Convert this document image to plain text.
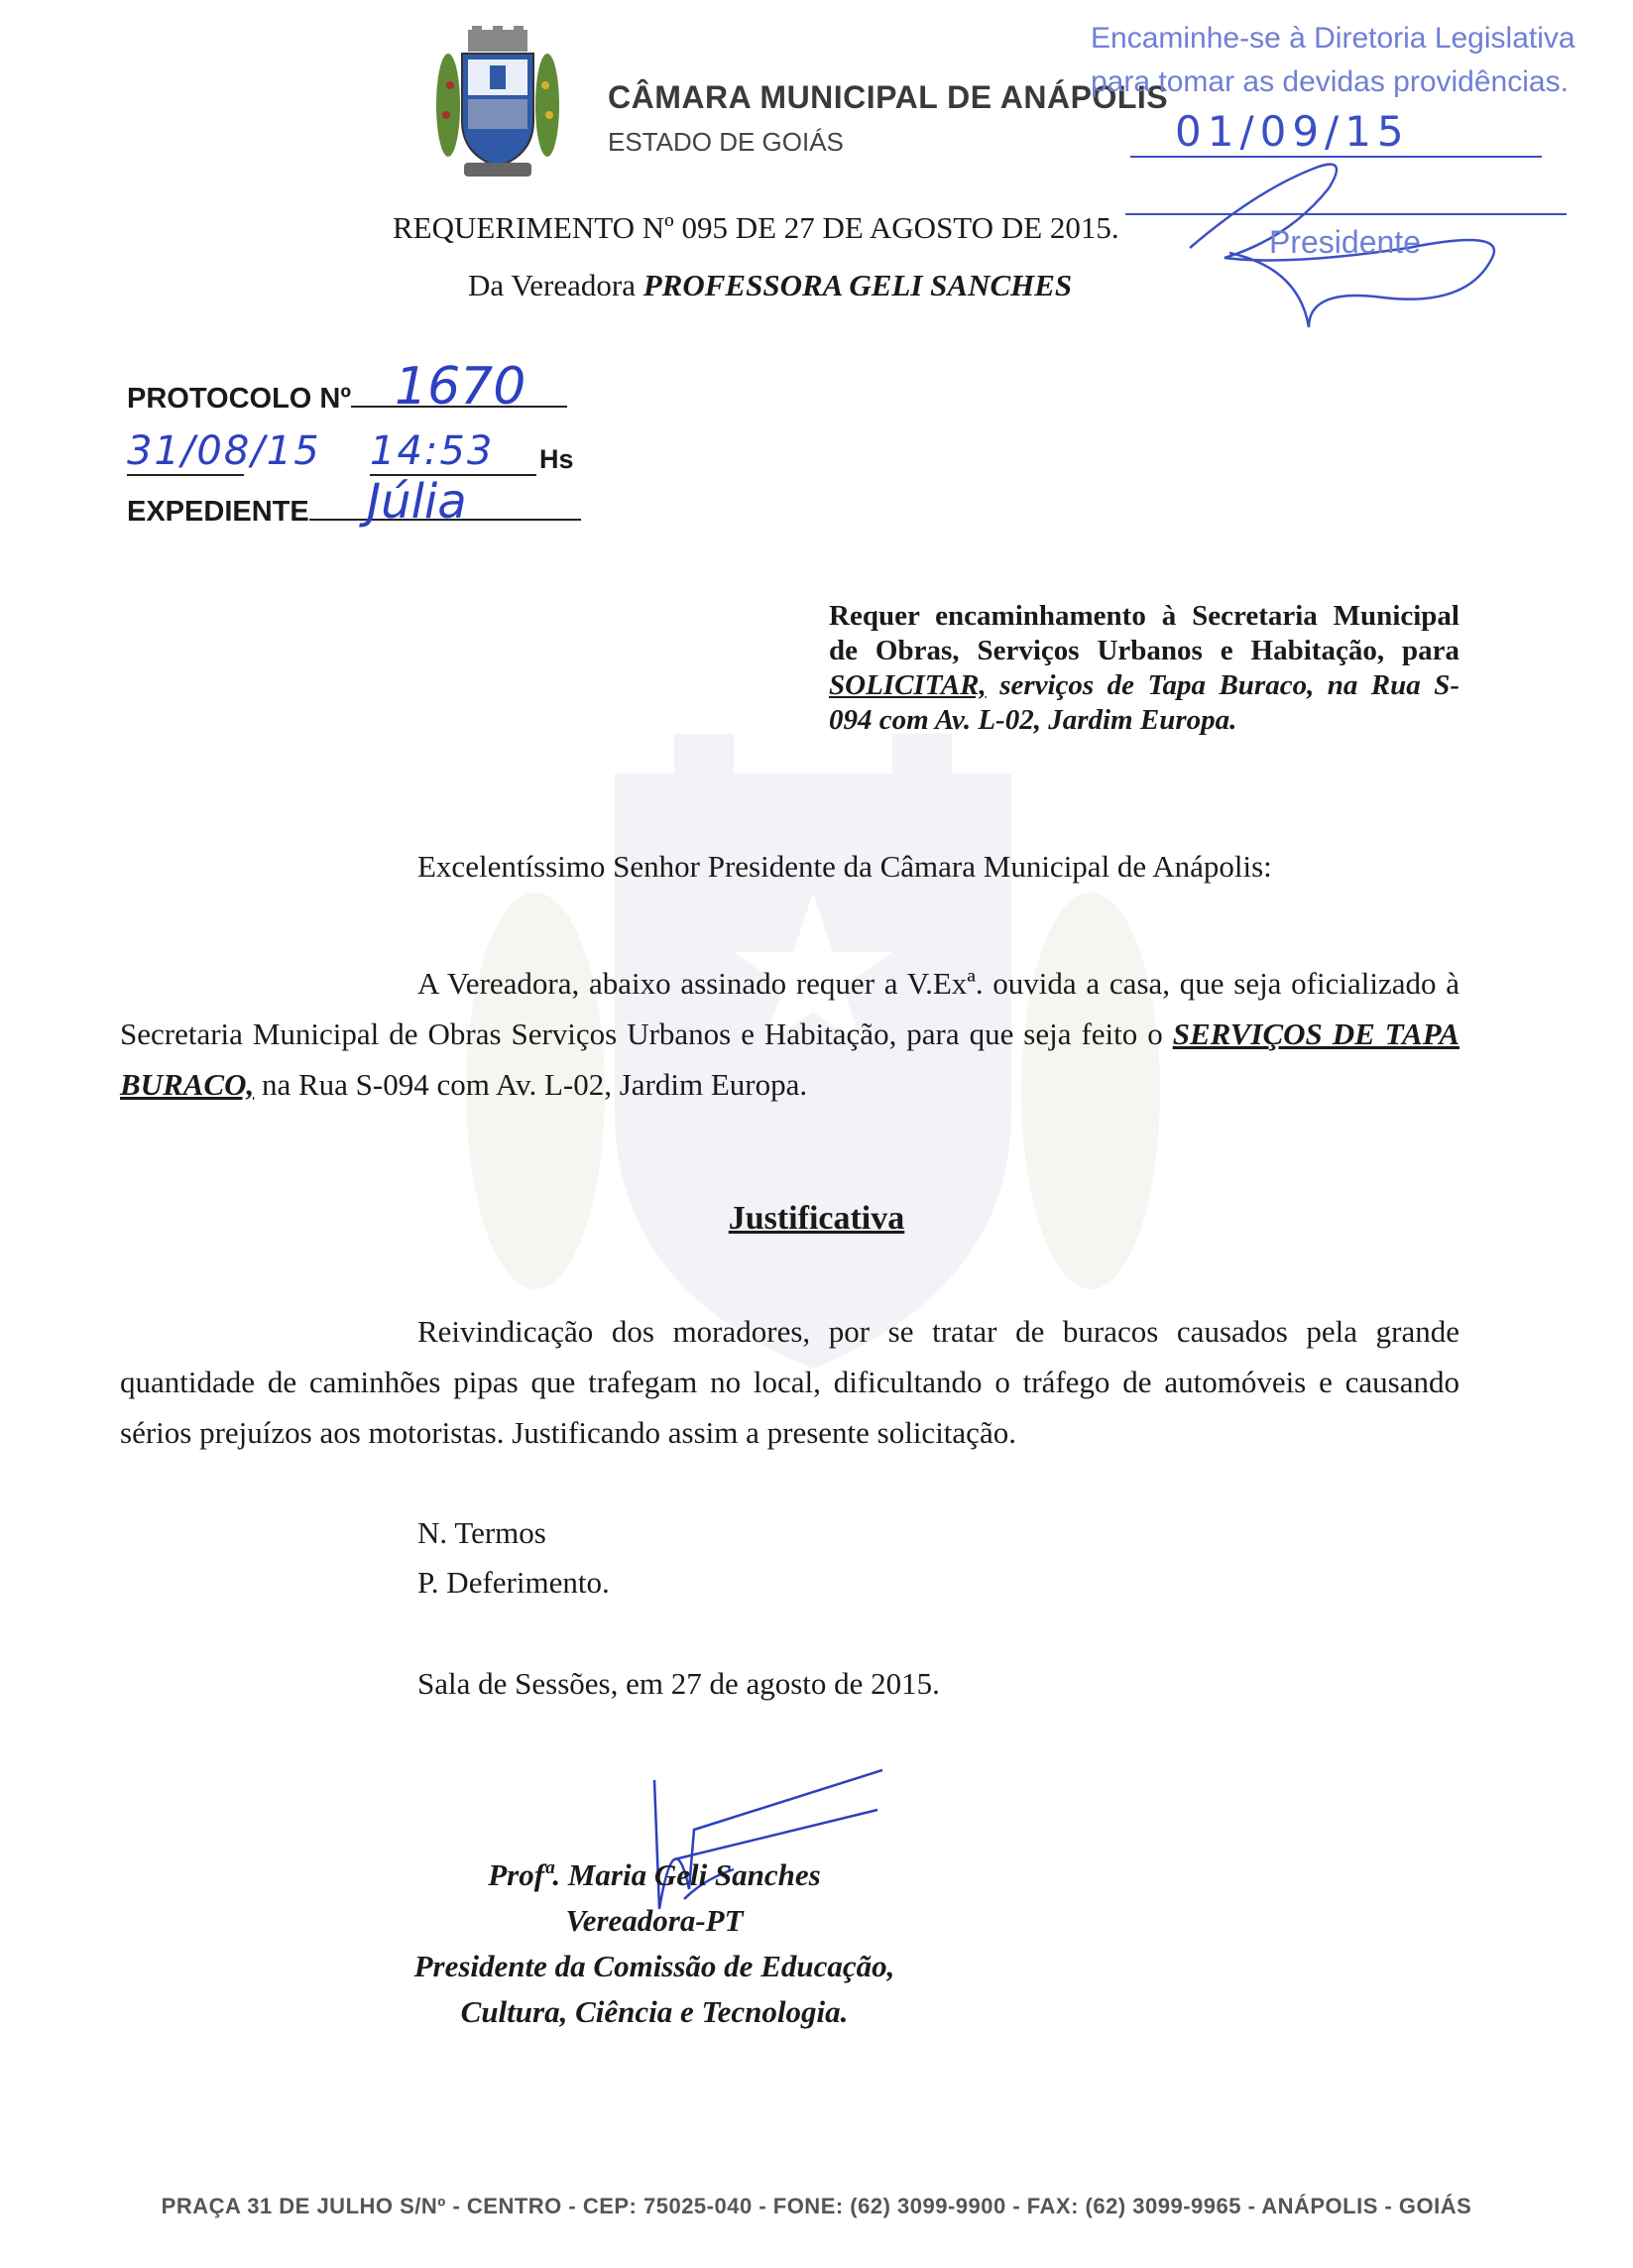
CÂMARA MUNICIPAL DE ANÁPOLIS
ESTADO DE GOIÁS
Encaminhe-se à Diretoria Legislativa
para tomar as devidas providências.
01/09/15
Presidente
REQUERIMENTO Nº 095 DE 27 DE AGOSTO DE 2015.
Da Vereadora PROFESSORA GELI SANCHES
PROTOCOLO Nº 1670
31/08/15 14:53 Hs
EXPEDIENTE	Júlia
Requer encaminhamento à Secretaria Municipal de Obras, Serviços Urbanos e Habitação, para SOLICITAR, serviços de Tapa Buraco, na Rua S-094 com Av. L-02, Jardim Europa.
Excelentíssimo Senhor Presidente da Câmara Municipal de Anápolis:
A Vereadora, abaixo assinado requer a V.Exª. ouvida a casa, que seja oficializado à Secretaria Municipal de Obras Serviços Urbanos e Habitação, para que seja feito o SERVIÇOS DE TAPA BURACO, na Rua S-094 com Av. L-02, Jardim Europa.
Justificativa
Reivindicação dos moradores, por se tratar de buracos causados pela grande quantidade de caminhões pipas que trafegam no local, dificultando o tráfego de automóveis e causando sérios prejuízos aos motoristas. Justificando assim a presente solicitação.
N. Termos
P. Deferimento.
Sala de Sessões, em 27 de agosto de 2015.
Profª. Maria Geli Sanches
Vereadora-PT
Presidente da Comissão de Educação,
Cultura, Ciência e Tecnologia.
PRAÇA 31 DE JULHO S/Nº - CENTRO - CEP: 75025-040 - FONE: (62) 3099-9900 - FAX: (62) 3099-9965 - ANÁPOLIS - GOIÁS
